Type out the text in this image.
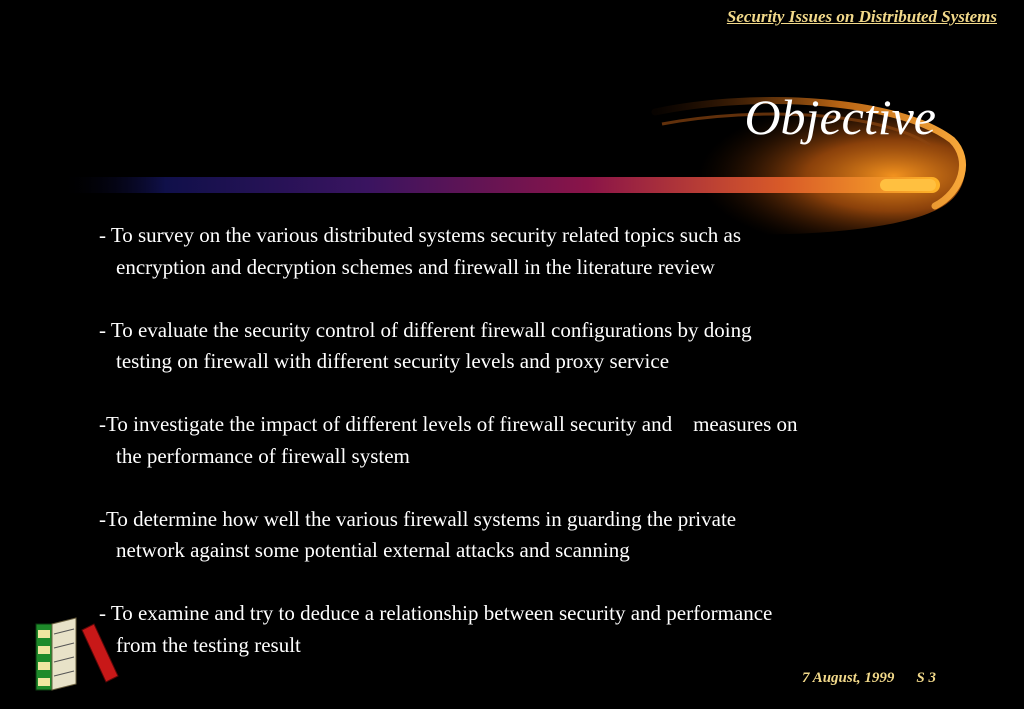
Security Issues on Distributed Systems
Objective

- To survey on the various distributed systems security related topics such as
encryption and decryption schemes and firewall in the literature review

- To evaluate the security control of different firewall configurations by doing
testing on firewall with different security levels and proxy service

-To investigate the impact of different levels of firewall security and    measures on
the performance of firewall system

-To determine how well the various firewall systems in guarding the private
network against some potential external attacks and scanning

- To examine and try to deduce a relationship between security and performance
from the testing result

7 August, 1999 S 3
